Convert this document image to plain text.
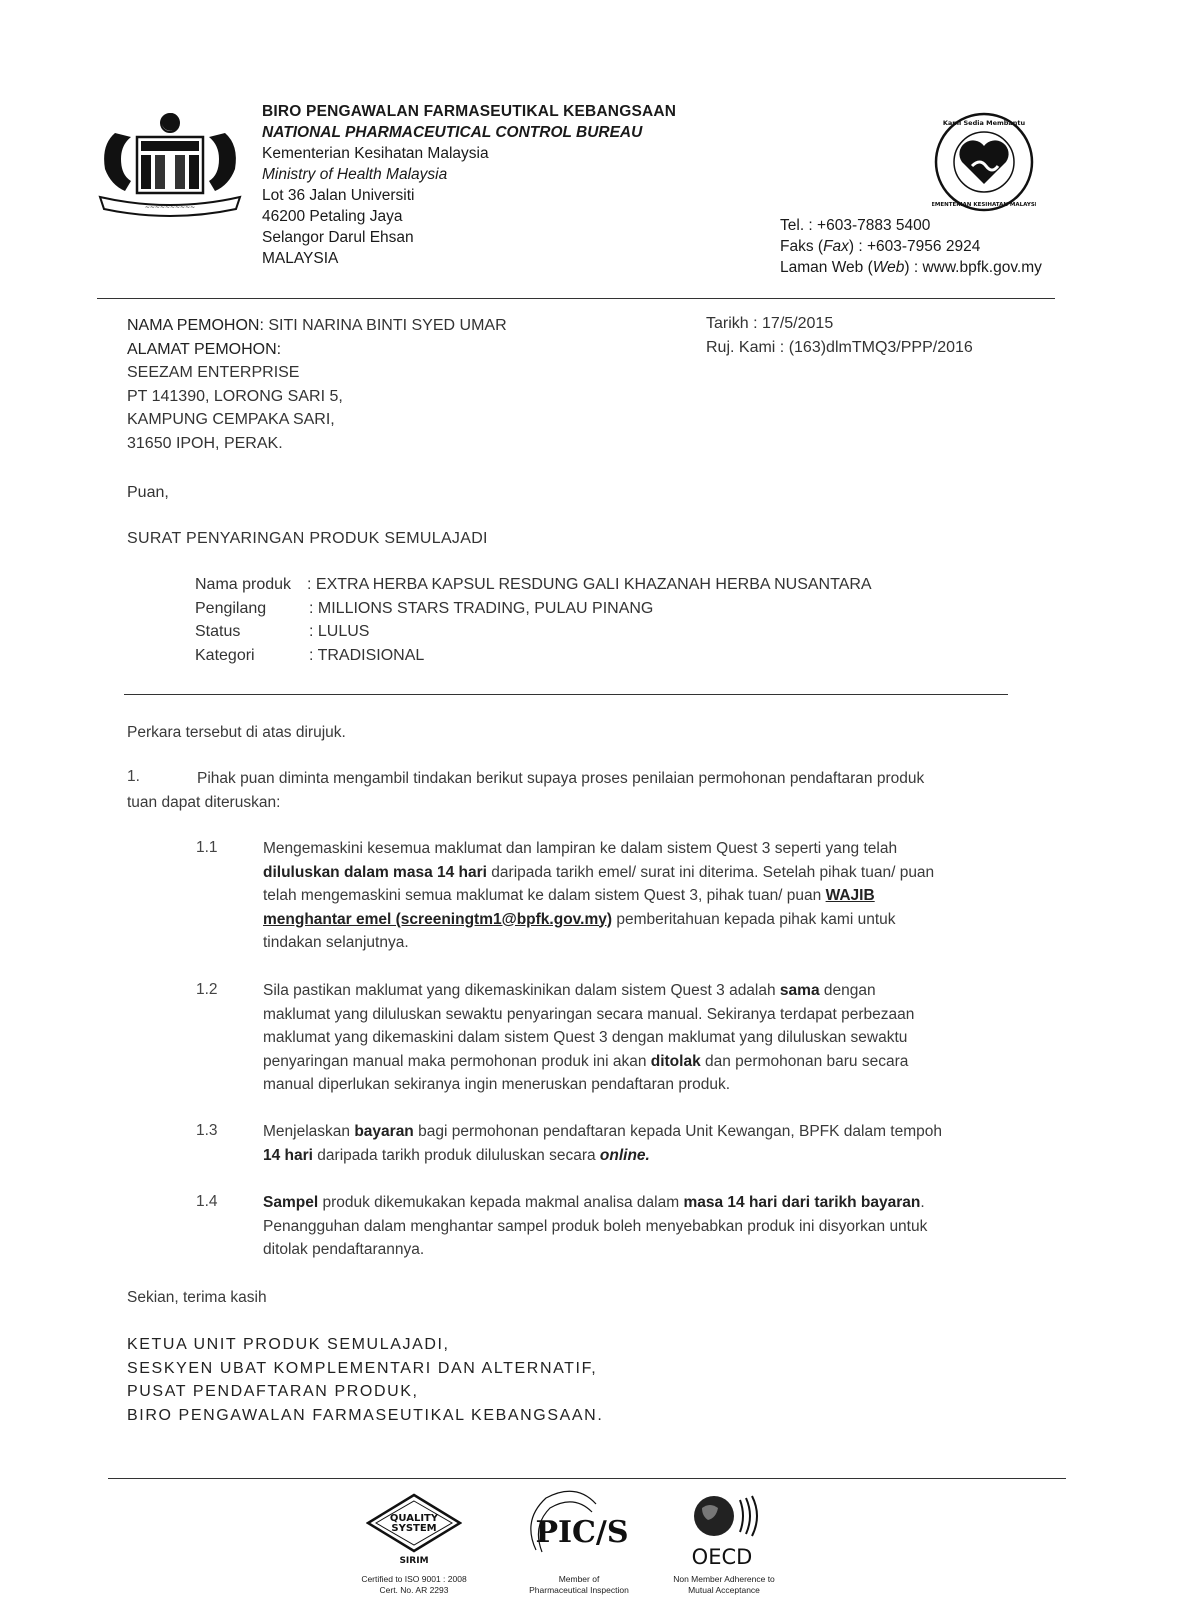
~~~~~~~~~~
BIRO PENGAWALAN FARMASEUTIKAL KEBANGSAAN
NATIONAL PHARMACEUTICAL CONTROL BUREAU
Kementerian Kesihatan Malaysia
Ministry of Health Malaysia
Lot 36 Jalan Universiti
46200 Petaling Jaya
Selangor Darul Ehsan
MALAYSIA
Kami Sedia Membantu
KEMENTERIAN KESIHATAN MALAYSIA
Tel. : +603-7883 5400
Faks (Fax) : +603-7956 2924
Laman Web (Web) : www.bpfk.gov.my
NAMA PEMOHON: SITI NARINA BINTI SYED UMAR
ALAMAT PEMOHON:
SEEZAM ENTERPRISE
PT 141390, LORONG SARI 5,
KAMPUNG CEMPAKA SARI,
31650 IPOH, PERAK.
Tarikh : 17/5/2015
Ruj. Kami : (163)dlmTMQ3/PPP/2016
Puan,
SURAT PENYARINGAN PRODUK SEMULAJADI
Nama produk	: EXTRA HERBA KAPSUL RESDUNG GALI KHAZANAH HERBA NUSANTARA
Pengilang	: MILLIONS STARS TRADING, PULAU PINANG
Status	: LULUS
Kategori	: TRADISIONAL
Perkara tersebut di atas dirujuk.
1.	Pihak puan diminta mengambil tindakan berikut supaya proses penilaian permohonan pendaftaran produk
tuan dapat diteruskan:
1.1	Mengemaskini kesemua maklumat dan lampiran ke dalam sistem Quest 3 seperti yang telah
diluluskan dalam masa 14 hari daripada tarikh emel/ surat ini diterima. Setelah pihak tuan/ puan
telah mengemaskini semua maklumat ke dalam sistem Quest 3, pihak tuan/ puan WAJIB
menghantar emel (screeningtm1@bpfk.gov.my) pemberitahuan kepada pihak kami untuk
tindakan selanjutnya.
1.2	Sila pastikan maklumat yang dikemaskinikan dalam sistem Quest 3 adalah sama dengan
maklumat yang diluluskan sewaktu penyaringan secara manual. Sekiranya terdapat perbezaan
maklumat yang dikemaskini dalam sistem Quest 3 dengan maklumat yang diluluskan sewaktu
penyaringan manual maka permohonan produk ini akan ditolak dan permohonan baru secara
manual diperlukan sekiranya ingin meneruskan pendaftaran produk.
1.3	Menjelaskan bayaran bagi permohonan pendaftaran kepada Unit Kewangan, BPFK dalam tempoh
14 hari daripada tarikh produk diluluskan secara online.
1.4	Sampel produk dikemukakan kepada makmal analisa dalam masa 14 hari dari tarikh bayaran.
Penangguhan dalam menghantar sampel produk boleh menyebabkan produk ini disyorkan untuk
ditolak pendaftarannya.
Sekian, terima kasih
KETUA UNIT PRODUK SEMULAJADI,
SESKYEN UBAT KOMPLEMENTARI DAN ALTERNATIF,
PUSAT PENDAFTARAN PRODUK,
BIRO PENGAWALAN FARMASEUTIKAL KEBANGSAAN.
QUALITY
SYSTEM
SIRIM
Certified to ISO 9001 : 2008
Cert. No. AR 2293
PIC/S
Member of
Pharmaceutical Inspection
OECD
Non Member Adherence to
Mutual Acceptance
